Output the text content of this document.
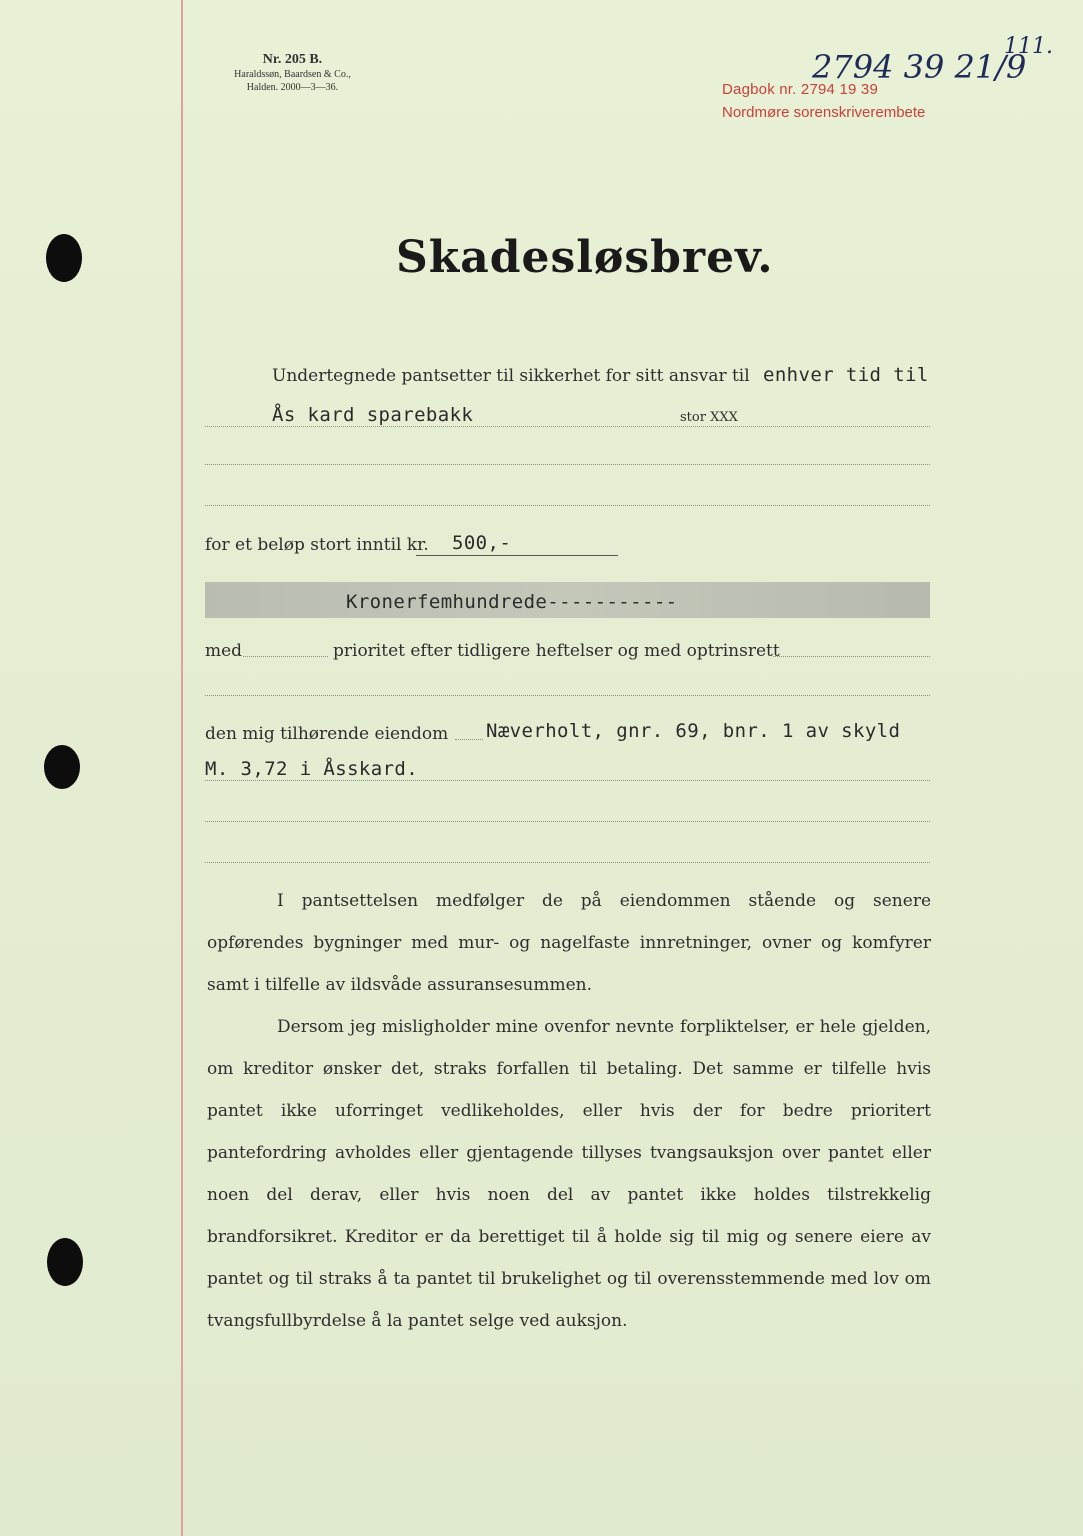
Nr. 205 B.
Haraldssøn, Baardsen & Co.,
Halden. 2000—3—36.
111.
Dagbok nr. 2794 19 39
Nordmøre sorenskriverembete
2794 39 21/9
Skadesløsbrev.
Undertegnede pantsetter til sikkerhet for sitt ansvar til enhver tid til
Ås kard sparebakk	stor XXX
for et beløp stort inntil kr. 500,-
Kronerfemhundrede-----------
med	prioritet efter tidligere heftelser og med optrinsrett
den mig tilhørende eiendom Næverholt, gnr. 69, bnr. 1 av skyld
M. 3,72 i Åsskard.

I pantsettelsen medfølger de på eiendommen stående og senere opførendes bygninger med mur- og nagelfaste innretninger, ovner og komfyrer samt i tilfelle av ildsvåde assuransesummen.

Dersom jeg misligholder mine ovenfor nevnte forpliktelser, er hele gjelden, om kreditor ønsker det, straks forfallen til betaling. Det samme er tilfelle hvis pantet ikke uforringet vedlikeholdes, eller hvis der for bedre prioritert pantefordring avholdes eller gjentagende tillyses tvangsauksjon over pantet eller noen del derav, eller hvis noen del av pantet ikke holdes tilstrekkelig brandforsikret. Kreditor er da berettiget til å holde sig til mig og senere eiere av pantet og til straks å ta pantet til brukelighet og til overensstemmende med lov om tvangsfullbyrdelse å la pantet selge ved auksjon.
